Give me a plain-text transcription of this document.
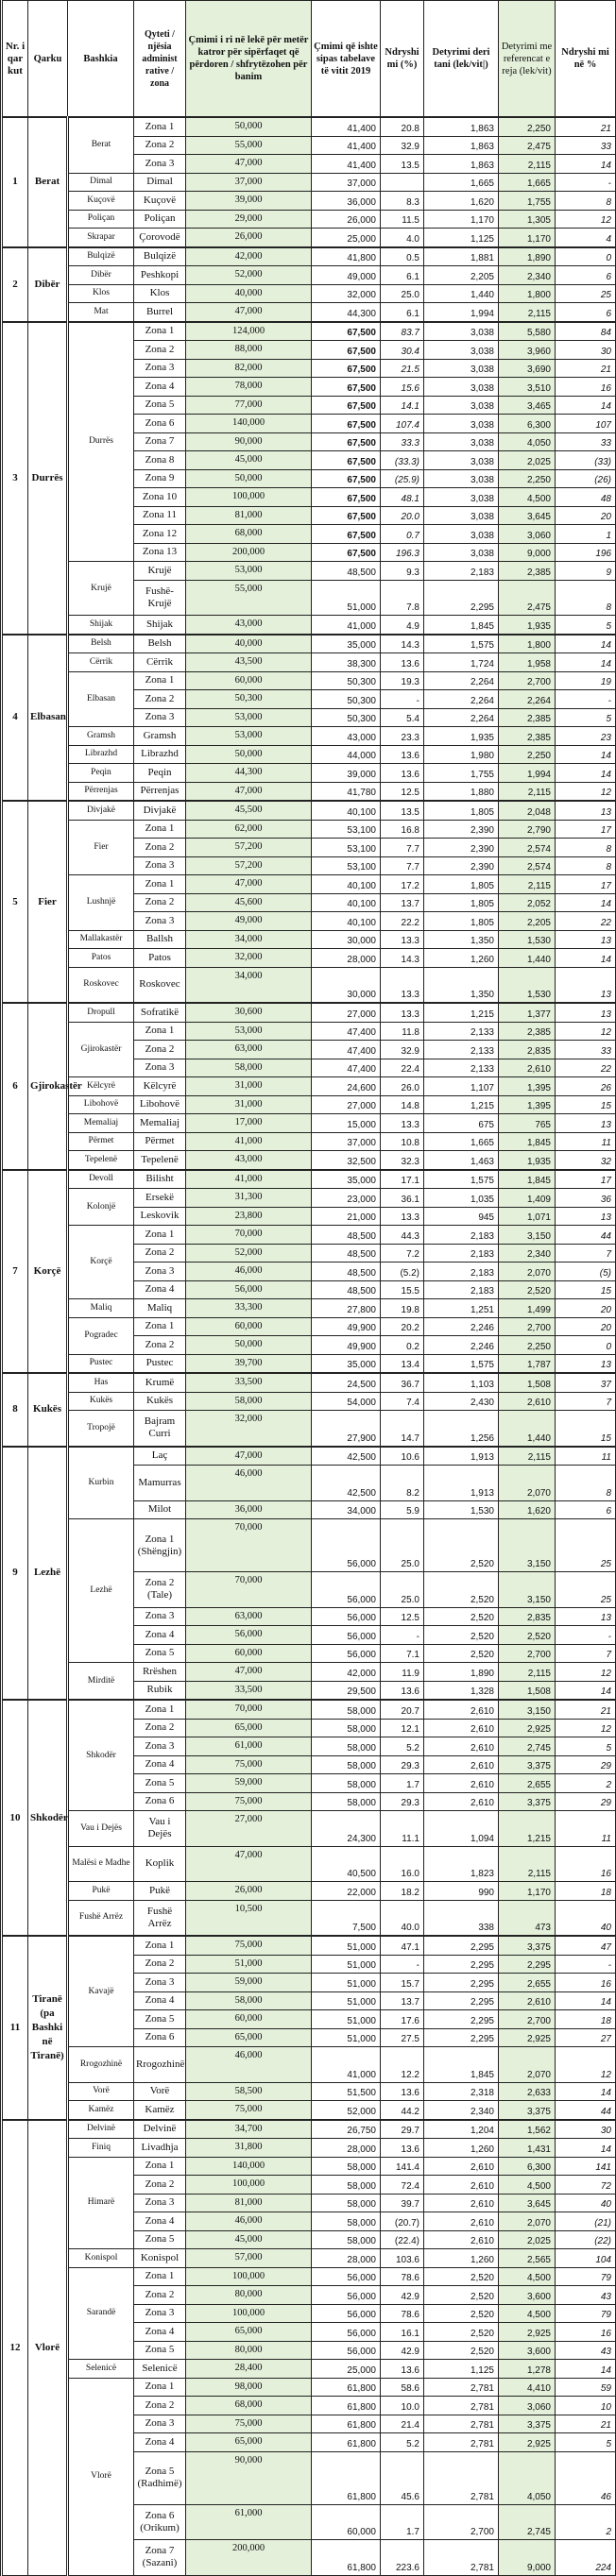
Nr. i qar kut	Qarku	Bashkia	Qyteti / njësia administ rative / zona	Çmimi i ri në lekë për metër katror për sipërfaqet që përdoren / shfrytëzohen për banim	Çmimi që ishte sipas tabelave të vitit 2019	Ndryshi mi (%)	Detyrimi deri tani (lek/vit|)	Detyrimi me referencat e reja (lek/vit)	Ndryshi mi në %
1	Berat	Berat	Zona 1	50,000	41,400	20.8	1,863	2,250	21
			Zona 2	55,000	41,400	32.9	1,863	2,475	33
			Zona 3	47,000	41,400	13.5	1,863	2,115	14
		Dimal	Dimal	37,000	37,000		1,665	1,665	-
		Kuçovë	Kuçovë	39,000	36,000	8.3	1,620	1,755	8
		Poliçan	Poliçan	29,000	26,000	11.5	1,170	1,305	12
		Skrapar	Çorovodë	26,000	25,000	4.0	1,125	1,170	4
2	Dibër	Bulqizë	Bulqizë	42,000	41,800	0.5	1,881	1,890	0
		Dibër	Peshkopi	52,000	49,000	6.1	2,205	2,340	6
		Klos	Klos	40,000	32,000	25.0	1,440	1,800	25
		Mat	Burrel	47,000	44,300	6.1	1,994	2,115	6
3	Durrës	Durrës	Zona 1	124,000	67,500	83.7	3,038	5,580	84
			Zona 2	88,000	67,500	30.4	3,038	3,960	30
			Zona 3	82,000	67,500	21.5	3,038	3,690	21
			Zona 4	78,000	67,500	15.6	3,038	3,510	16
			Zona 5	77,000	67,500	14.1	3,038	3,465	14
			Zona 6	140,000	67,500	107.4	3,038	6,300	107
			Zona 7	90,000	67,500	33.3	3,038	4,050	33
			Zona 8	45,000	67,500	(33.3)	3,038	2,025	(33)
			Zona 9	50,000	67,500	(25.9)	3,038	2,250	(26)
			Zona 10	100,000	67,500	48.1	3,038	4,500	48
			Zona 11	81,000	67,500	20.0	3,038	3,645	20
			Zona 12	68,000	67,500	0.7	3,038	3,060	1
			Zona 13	200,000	67,500	196.3	3,038	9,000	196
		Krujë	Krujë	53,000	48,500	9.3	2,183	2,385	9
			Fushë-Krujë	55,000	51,000	7.8	2,295	2,475	8
		Shijak	Shijak	43,000	41,000	4.9	1,845	1,935	5
4	Elbasan	Belsh	Belsh	40,000	35,000	14.3	1,575	1,800	14
		Cërrik	Cërrik	43,500	38,300	13.6	1,724	1,958	14
		Elbasan	Zona 1	60,000	50,300	19.3	2,264	2,700	19
			Zona 2	50,300	50,300	-	2,264	2,264	-
			Zona 3	53,000	50,300	5.4	2,264	2,385	5
		Gramsh	Gramsh	53,000	43,000	23.3	1,935	2,385	23
		Librazhd	Librazhd	50,000	44,000	13.6	1,980	2,250	14
		Peqin	Peqin	44,300	39,000	13.6	1,755	1,994	14
		Përrenjas	Përrenjas	47,000	41,780	12.5	1,880	2,115	12
5	Fier	Divjakë	Divjakë	45,500	40,100	13.5	1,805	2,048	13
		Fier	Zona 1	62,000	53,100	16.8	2,390	2,790	17
			Zona 2	57,200	53,100	7.7	2,390	2,574	8
			Zona 3	57,200	53,100	7.7	2,390	2,574	8
		Lushnjë	Zona 1	47,000	40,100	17.2	1,805	2,115	17
			Zona 2	45,600	40,100	13.7	1,805	2,052	14
			Zona 3	49,000	40,100	22.2	1,805	2,205	22
		Mallakastër	Ballsh	34,000	30,000	13.3	1,350	1,530	13
		Patos	Patos	32,000	28,000	14.3	1,260	1,440	14
		Roskovec	Roskovec	34,000	30,000	13.3	1,350	1,530	13
6	Gjirokastër	Dropull	Sofratikë	30,600	27,000	13.3	1,215	1,377	13
		Gjirokastër	Zona 1	53,000	47,400	11.8	2,133	2,385	12
			Zona 2	63,000	47,400	32.9	2,133	2,835	33
			Zona 3	58,000	47,400	22.4	2,133	2,610	22
		Këlcyrë	Këlcyrë	31,000	24,600	26.0	1,107	1,395	26
		Libohovë	Libohovë	31,000	27,000	14.8	1,215	1,395	15
		Memaliaj	Memaliaj	17,000	15,000	13.3	675	765	13
		Përmet	Përmet	41,000	37,000	10.8	1,665	1,845	11
		Tepelenë	Tepelenë	43,000	32,500	32.3	1,463	1,935	32
7	Korçë	Devoll	Bilisht	41,000	35,000	17.1	1,575	1,845	17
		Kolonjë	Ersekë	31,300	23,000	36.1	1,035	1,409	36
			Leskovik	23,800	21,000	13.3	945	1,071	13
		Korçë	Zona 1	70,000	48,500	44.3	2,183	3,150	44
			Zona 2	52,000	48,500	7.2	2,183	2,340	7
			Zona 3	46,000	48,500	(5.2)	2,183	2,070	(5)
			Zona 4	56,000	48,500	15.5	2,183	2,520	15
		Maliq	Maliq	33,300	27,800	19.8	1,251	1,499	20
		Pogradec	Zona 1	60,000	49,900	20.2	2,246	2,700	20
			Zona 2	50,000	49,900	0.2	2,246	2,250	0
		Pustec	Pustec	39,700	35,000	13.4	1,575	1,787	13
8	Kukës	Has	Krumë	33,500	24,500	36.7	1,103	1,508	37
		Kukës	Kukës	58,000	54,000	7.4	2,430	2,610	7
		Tropojë	Bajram Curri	32,000	27,900	14.7	1,256	1,440	15
9	Lezhë	Kurbin	Laç	47,000	42,500	10.6	1,913	2,115	11
			Mamurras	46,000	42,500	8.2	1,913	2,070	8
			Milot	36,000	34,000	5.9	1,530	1,620	6
		Lezhë	Zona 1 (Shëngjin)	70,000	56,000	25.0	2,520	3,150	25
			Zona 2 (Tale)	70,000	56,000	25.0	2,520	3,150	25
			Zona 3	63,000	56,000	12.5	2,520	2,835	13
			Zona 4	56,000	56,000	-	2,520	2,520	-
			Zona 5	60,000	56,000	7.1	2,520	2,700	7
		Mirditë	Rrëshen	47,000	42,000	11.9	1,890	2,115	12
			Rubik	33,500	29,500	13.6	1,328	1,508	14
10	Shkodër	Shkodër	Zona 1	70,000	58,000	20.7	2,610	3,150	21
			Zona 2	65,000	58,000	12.1	2,610	2,925	12
			Zona 3	61,000	58,000	5.2	2,610	2,745	5
			Zona 4	75,000	58,000	29.3	2,610	3,375	29
			Zona 5	59,000	58,000	1.7	2,610	2,655	2
			Zona 6	75,000	58,000	29.3	2,610	3,375	29
		Vau i Dejës	Vau i Dejës	27,000	24,300	11.1	1,094	1,215	11
		Malësi e Madhe	Koplik	47,000	40,500	16.0	1,823	2,115	16
		Pukë	Pukë	26,000	22,000	18.2	990	1,170	18
		Fushë Arrëz	Fushë Arrëz	10,500	7,500	40.0	338	473	40
11	Tiranë (pa Bashki në Tiranë)	Kavajë	Zona 1	75,000	51,000	47.1	2,295	3,375	47
			Zona 2	51,000	51,000	-	2,295	2,295	-
			Zona 3	59,000	51,000	15.7	2,295	2,655	16
			Zona 4	58,000	51,000	13.7	2,295	2,610	14
			Zona 5	60,000	51,000	17.6	2,295	2,700	18
			Zona 6	65,000	51,000	27.5	2,295	2,925	27
		Rrogozhinë	Rrogozhinë	46,000	41,000	12.2	1,845	2,070	12
		Vorë	Vorë	58,500	51,500	13.6	2,318	2,633	14
		Kamëz	Kamëz	75,000	52,000	44.2	2,340	3,375	44
12	Vlorë	Delvinë	Delvinë	34,700	26,750	29.7	1,204	1,562	30
		Finiq	Livadhja	31,800	28,000	13.6	1,260	1,431	14
		Himarë	Zona 1	140,000	58,000	141.4	2,610	6,300	141
			Zona 2	100,000	58,000	72.4	2,610	4,500	72
			Zona 3	81,000	58,000	39.7	2,610	3,645	40
			Zona 4	46,000	58,000	(20.7)	2,610	2,070	(21)
			Zona 5	45,000	58,000	(22.4)	2,610	2,025	(22)
		Konispol	Konispol	57,000	28,000	103.6	1,260	2,565	104
		Sarandë	Zona 1	100,000	56,000	78.6	2,520	4,500	79
			Zona 2	80,000	56,000	42.9	2,520	3,600	43
			Zona 3	100,000	56,000	78.6	2,520	4,500	79
			Zona 4	65,000	56,000	16.1	2,520	2,925	16
			Zona 5	80,000	56,000	42.9	2,520	3,600	43
		Selenicë	Selenicë	28,400	25,000	13.6	1,125	1,278	14
		Vlorë	Zona 1	98,000	61,800	58.6	2,781	4,410	59
			Zona 2	68,000	61,800	10.0	2,781	3,060	10
			Zona 3	75,000	61,800	21.4	2,781	3,375	21
			Zona 4	65,000	61,800	5.2	2,781	2,925	5
			Zona 5 (Radhimë)	90,000	61,800	45.6	2,781	4,050	46
			Zona 6 (Orikum)	61,000	60,000	1.7	2,700	2,745	2
			Zona 7 (Sazani)	200,000	61,800	223.6	2,781	9,000	224
